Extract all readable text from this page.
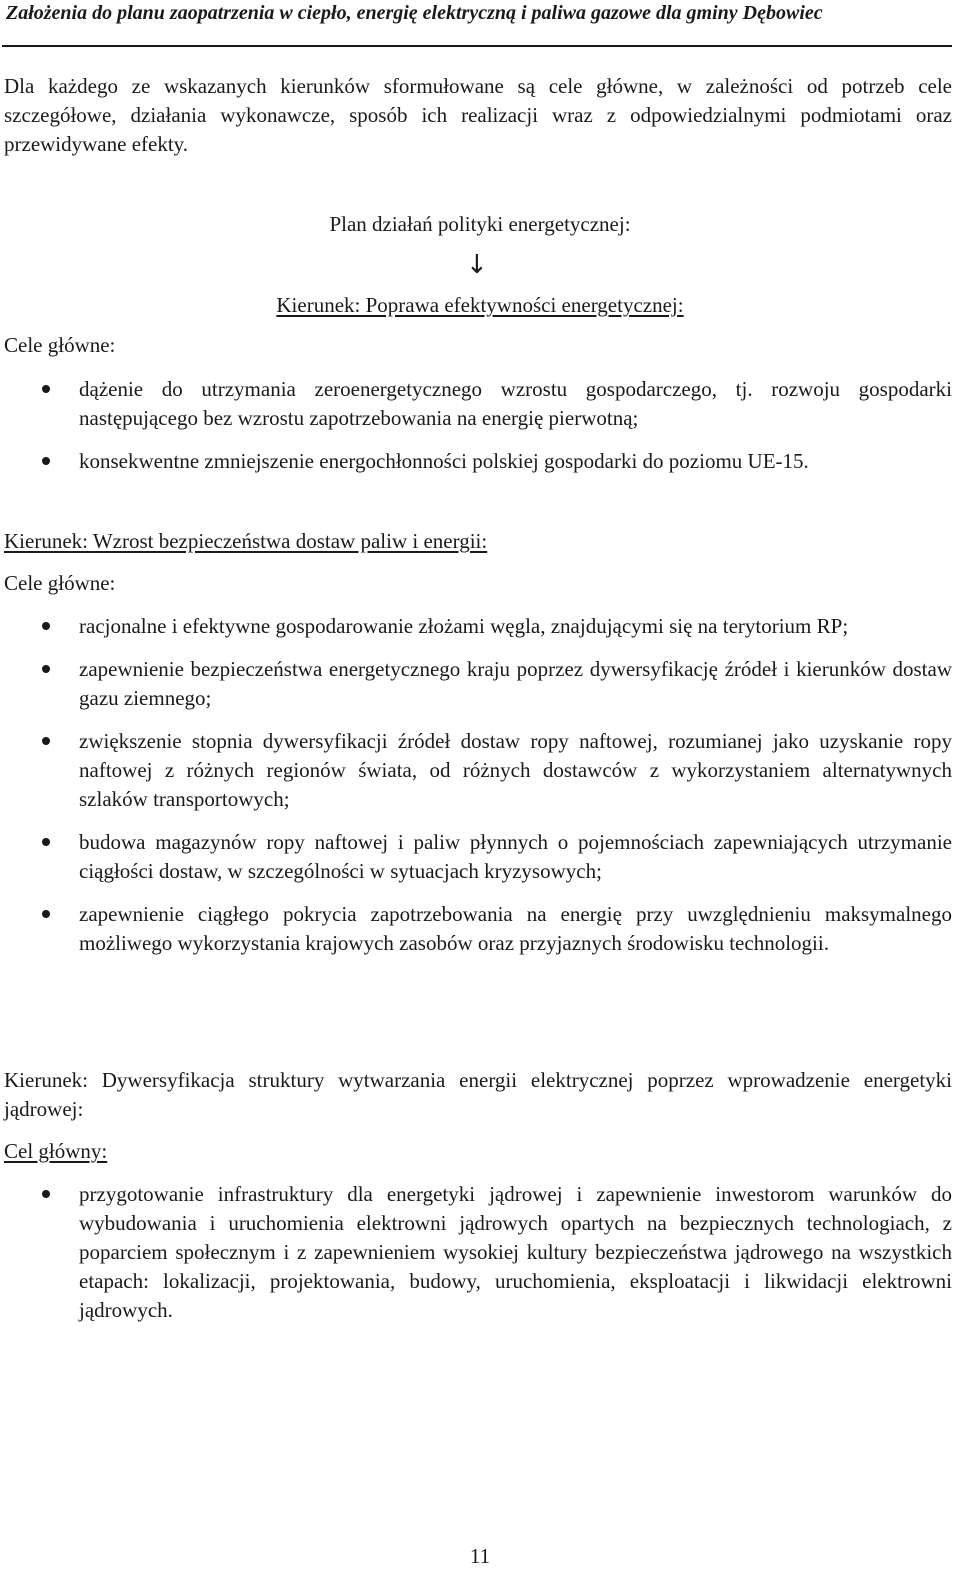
Założenia do planu zaopatrzenia w ciepło, energię elektryczną i paliwa gazowe dla gminy Dębowiec
Dla każdego ze wskazanych kierunków sformułowane są cele główne, w zależności od potrzeb cele szczegółowe, działania wykonawcze, sposób ich realizacji wraz z odpowiedzialnymi podmiotami oraz przewidywane efekty.
Plan działań polityki energetycznej:
↓
Kierunek: Poprawa efektywności energetycznej:
Cele główne:
dążenie do utrzymania zeroenergetycznego wzrostu gospodarczego, tj. rozwoju gospodarki następującego bez wzrostu zapotrzebowania na energię pierwotną;
konsekwentne zmniejszenie energochłonności polskiej gospodarki do poziomu UE-15.
Kierunek: Wzrost bezpieczeństwa dostaw paliw i energii:
Cele główne:
racjonalne i efektywne gospodarowanie złożami węgla, znajdującymi się na terytorium RP;
zapewnienie bezpieczeństwa energetycznego kraju poprzez dywersyfikację źródeł i kierunków dostaw gazu ziemnego;
zwiększenie stopnia dywersyfikacji źródeł dostaw ropy naftowej, rozumianej jako uzyskanie ropy naftowej z różnych regionów świata, od różnych dostawców z wykorzystaniem alternatywnych szlaków transportowych;
budowa magazynów ropy naftowej i paliw płynnych o pojemnościach zapewniających utrzymanie ciągłości dostaw, w szczególności w sytuacjach kryzysowych;
zapewnienie ciągłego pokrycia zapotrzebowania na energię przy uwzględnieniu maksymalnego możliwego wykorzystania krajowych zasobów oraz przyjaznych środowisku technologii.
Kierunek: Dywersyfikacja struktury wytwarzania energii elektrycznej poprzez wprowadzenie energetyki jądrowej:
Cel główny:
przygotowanie infrastruktury dla energetyki jądrowej i zapewnienie inwestorom warunków do wybudowania i uruchomienia elektrowni jądrowych opartych na bezpiecznych technologiach, z poparciem społecznym i z zapewnieniem wysokiej kultury bezpieczeństwa jądrowego na wszystkich etapach: lokalizacji, projektowania, budowy, uruchomienia, eksploatacji i likwidacji elektrowni jądrowych.
11
